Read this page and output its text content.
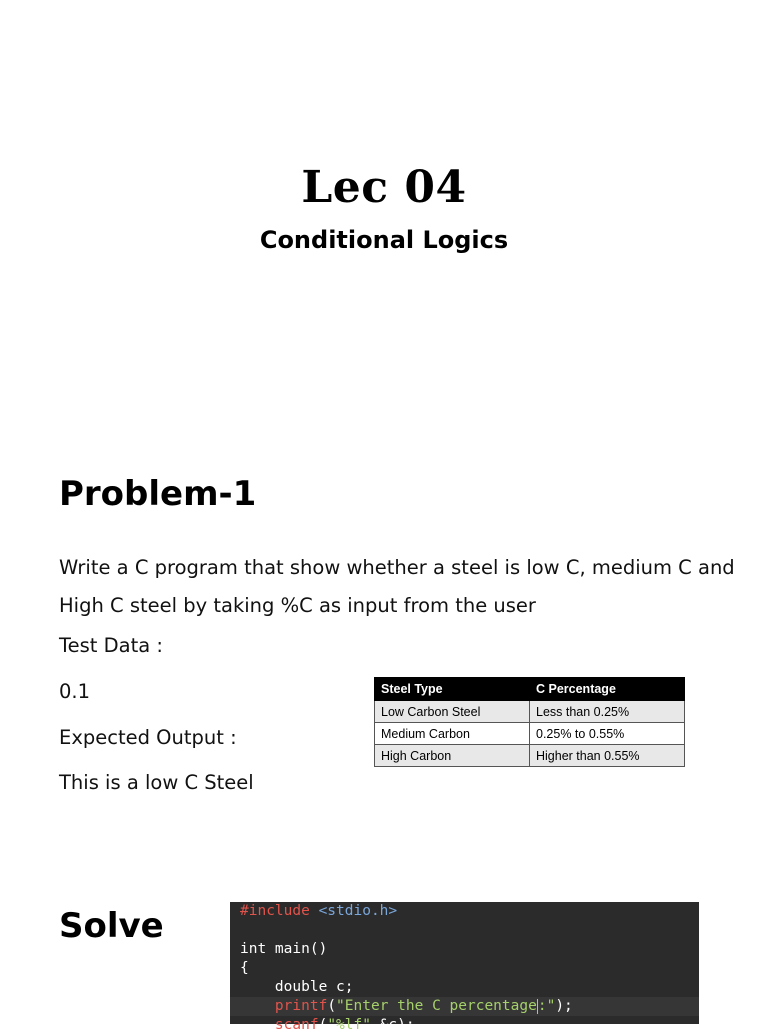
Lec 04
Conditional Logics
Problem-1
Write a C program that show whether a steel is low C, medium C and High C steel by taking %C as input from the user
Test Data :
0.1
Expected Output :
This is a low C Steel
Steel Type	C Percentage
Low Carbon Steel	Less than 0.25%
Medium Carbon	0.25% to 0.55%
High Carbon	Higher than 0.55%
Solve	#include <stdio.h>
int main()
{
double c;
printf("Enter the C percentage:");
scanf("%lf",&c);
